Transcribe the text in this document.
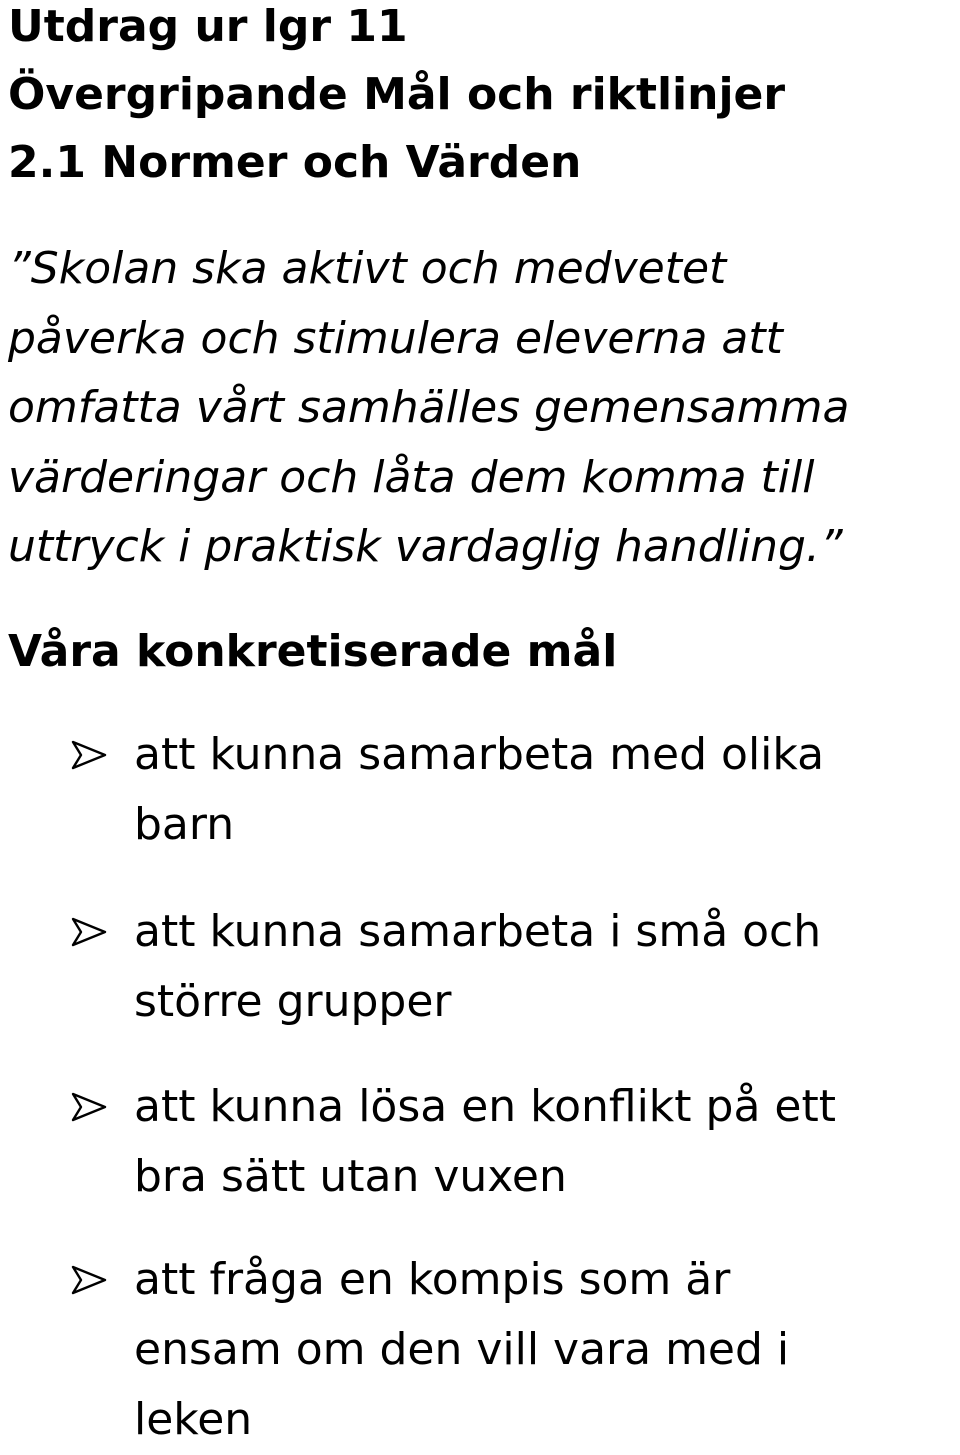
Utdrag ur lgr 11
Övergripande Mål och riktlinjer
2.1 Normer och Värden

”Skolan ska aktivt och medvetet
påverka och stimulera eleverna att
omfatta vårt samhälles gemensamma
värderingar och låta dem komma till
uttryck i praktisk vardaglig handling.”

Våra konkretiserade mål
att kunna samarbeta med olika
barn
att kunna samarbeta i små och
större grupper
att kunna lösa en konflikt på ett
bra sätt utan vuxen
att fråga en kompis som är
ensam om den vill vara med i
leken
